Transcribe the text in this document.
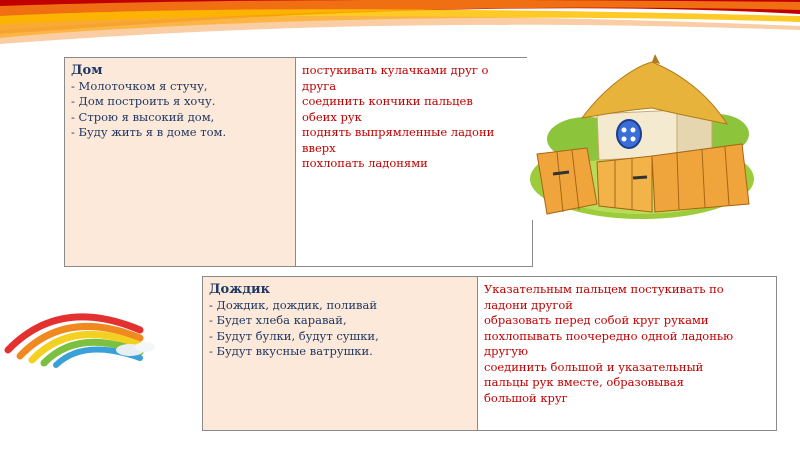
Дом
- Молоточком я стучу,
- Дом построить я хочу.
- Строю я высокий дом,
- Буду жить я в доме том.

постукивать кулачками друг о
друга
соединить кончики пальцев
обеих рук
поднять выпрямленные ладони
вверх
похлопать ладонями
Дождик
- Дождик, дождик, поливай
- Будет хлеба каравай,
- Будут булки, будут сушки,
- Будут вкусные ватрушки.

Указательным пальцем постукивать по
ладони другой
образовать перед собой круг руками
похлопывать поочередно одной ладонью
другую
соединить большой и указательный
пальцы рук вместе, образовывая
большой круг
